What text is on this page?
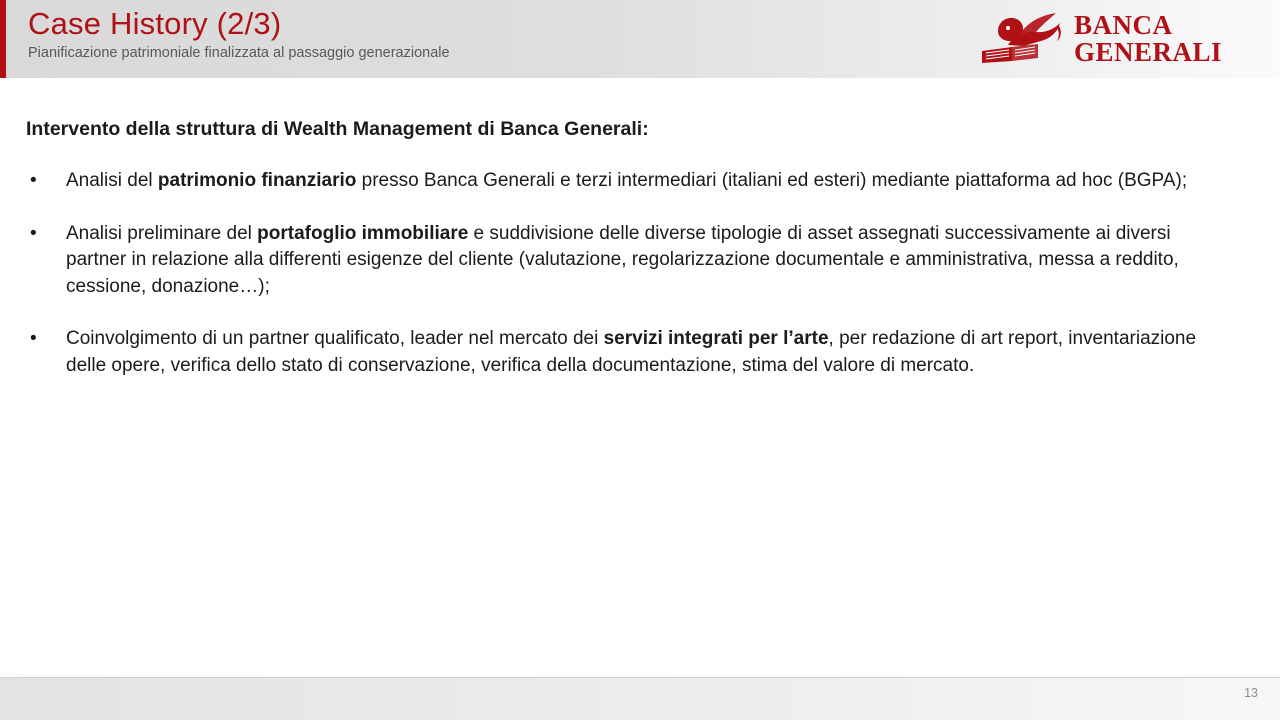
Case History (2/3)
Pianificazione patrimoniale finalizzata al passaggio generazionale
BANCA
GENERALI
Intervento della struttura di Wealth Management di Banca Generali:
• Analisi del patrimonio finanziario presso Banca Generali e terzi intermediari (italiani ed esteri) mediante piattaforma ad hoc (BGPA);
• Analisi preliminare del portafoglio immobiliare e suddivisione delle diverse tipologie di asset assegnati successivamente ai diversi partner in relazione alla differenti esigenze del cliente (valutazione, regolarizzazione documentale e amministrativa, messa a reddito, cessione, donazione…);
• Coinvolgimento di un partner qualificato, leader nel mercato dei servizi integrati per l’arte, per redazione di art report, inventariazione delle opere, verifica dello stato di conservazione, verifica della documentazione, stima del valore di mercato.
13
